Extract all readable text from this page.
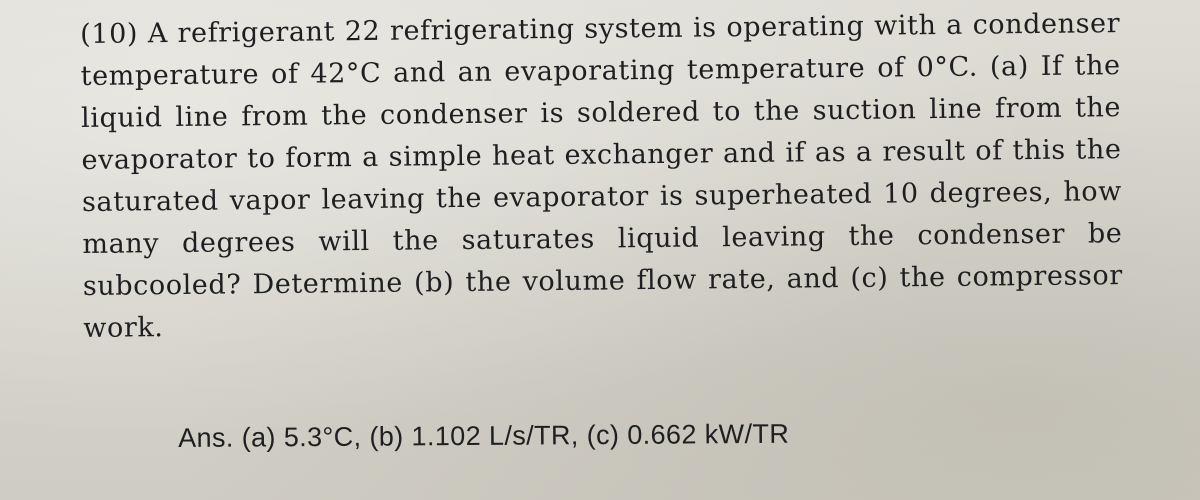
(10) A refrigerant 22 refrigerating system is operating with a condenser temperature of 42°C and an evaporating temperature of 0°C. (a) If the liquid line from the condenser is soldered to the suction line from the evaporator to form a simple heat exchanger and if as a result of this the saturated vapor leaving the evaporator is superheated 10 degrees, how many degrees will the saturates liquid leaving the condenser be subcooled? Determine (b) the volume flow rate, and (c) the compressor work.

Ans. (a) 5.3°C, (b) 1.102 L/s/TR, (c) 0.662 kW/TR
